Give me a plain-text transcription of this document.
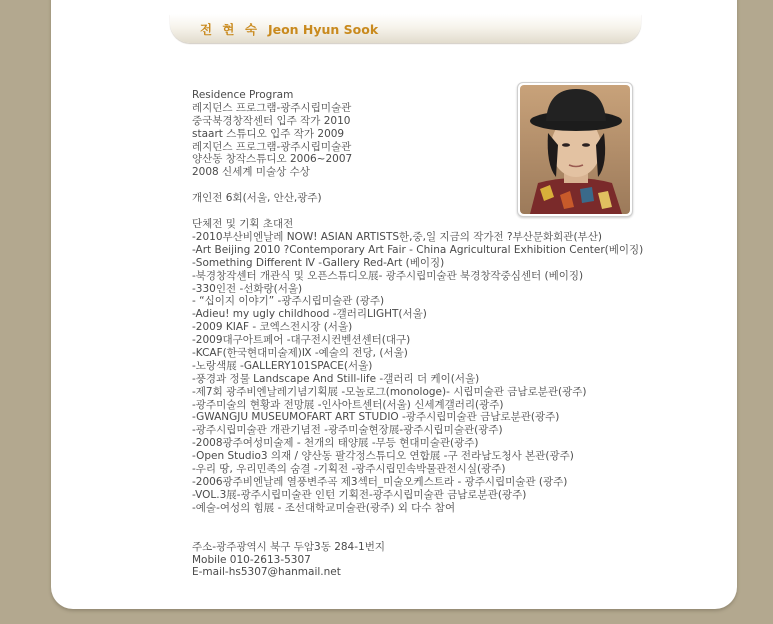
전 현 숙 Jeon Hyun Sook
Residence Program
레지던스 프로그램-광주시립미술관
중국북경창작센터 입주 작가 2010
staart 스튜디오 입주 작가 2009
레지던스 프로그램-광주시립미술관
양산동 창작스튜디오 2006~2007
2008 신세계 미술상 수상
개인전 6회(서울, 안산,광주)
단체전 및 기획 초대전
-2010부산비엔날레 NOW! ASIAN ARTISTS한,중,일 지금의 작가전 ?부산문화회관(부산)
-Art Beijing 2010 ?Contemporary Art Fair - China Agricultural Exhibition Center(베이징)
-Something Different Ⅳ -Gallery Red-Art (베이징)
-북경창작센터 개관식 및 오픈스튜디오展- 광주시립미술관 북경창작중심센터 (베이징)
-330인전 -선화랑(서울)
- “십이지 이야기” -광주시립미술관 (광주)
-Adieu! my ugly childhood -갤러리LIGHT(서울)
-2009 KIAF - 코엑스전시장 (서울)
-2009대구아트페어 -대구전시컨벤션센터(대구)
-KCAF(한국현대미술제)Ⅸ -예술의 전당, (서울)
-노랑색展 -GALLERY101SPACE(서울)
-풍경과 정물 Landscape And Still-life -갤러리 더 케이(서울)
-제7회 광주비엔날레기념기획展 -모놀로그(monologe)- 시립미술관 금남로분관(광주)
-광주미술의 현황과 전망展 -인사아트센터(서울) 신세계갤러리(광주)
-GWANGJU MUSEUMOFART ART STUDIO -광주시립미술관 금남로분관(광주)
-광주시립미술관 개관기념전 -광주미술현장展-광주시립미술관(광주)
-2008광주여성미술제 - 천개의 태양展 -무등 현대미술관(광주)
-Open Studio3 의재 / 양산동 팔각정스튜디오 연합展 -구 전라남도청사 본관(광주)
-우리 땅, 우리민족의 숨결 -기획전 -광주시립민속박물관전시실(광주)
-2006광주비엔날레 열풍변주곡 제3섹터_미술오케스트라 - 광주시립미술관 (광주)
-VOL.3展-광주시립미술관 인턴 기획전-광주시립미술관 금남로분관(광주)
-예술-여성의 힘展 - 조선대학교미술관(광주) 외 다수 참여
주소-광주광역시 북구 두암3동 284-1번지
Mobile 010-2613-5307
E-mail-hs5307@hanmail.net
